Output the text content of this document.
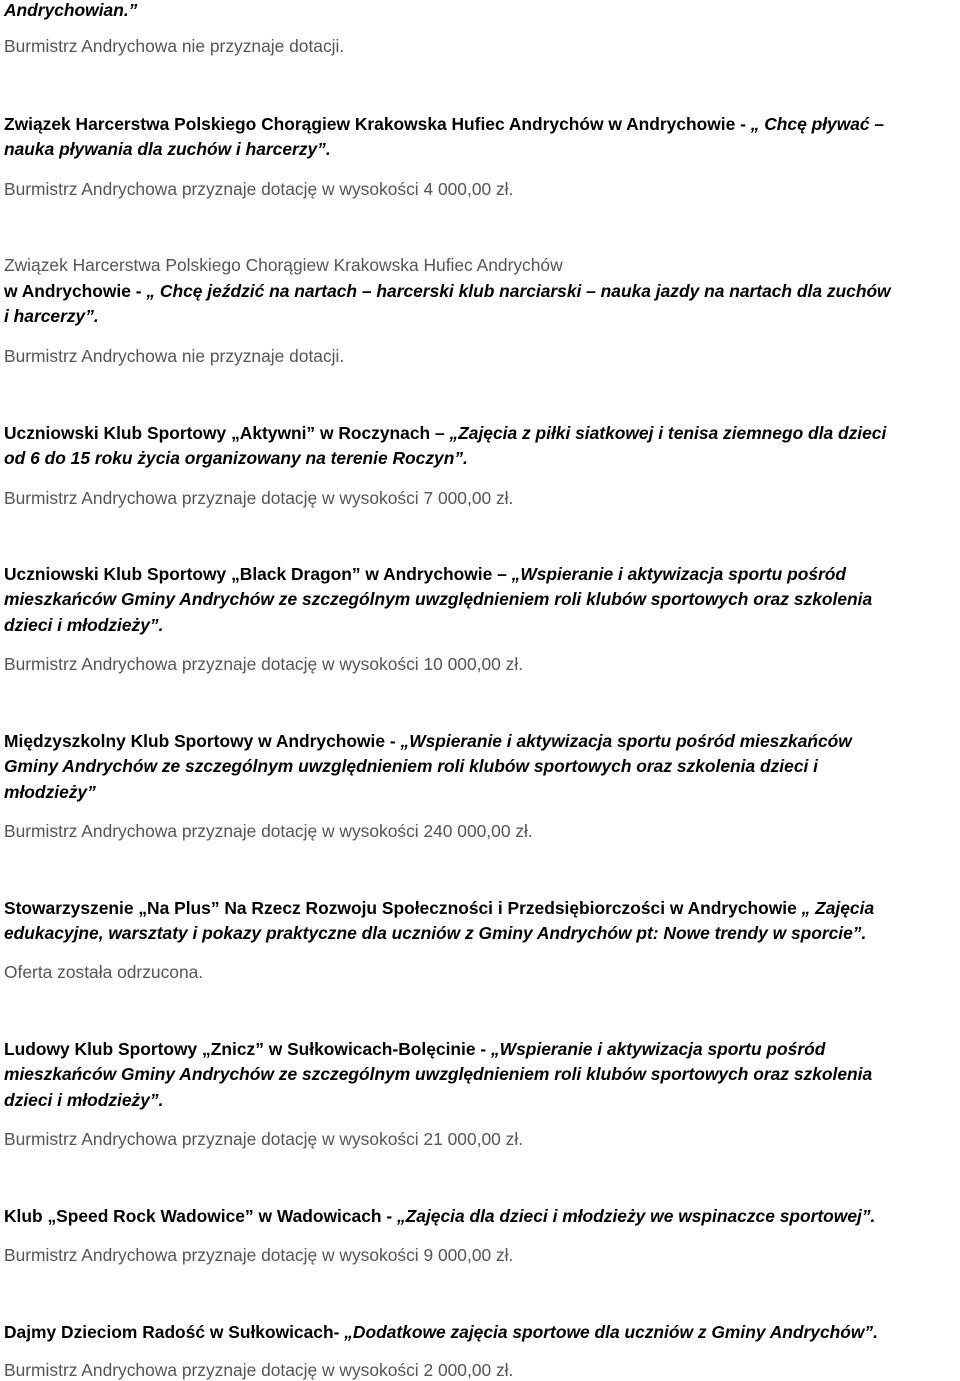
Andrychowian.”
Burmistrz Andrychowa nie przyznaje dotacji.
Związek Harcerstwa Polskiego Chorągiew Krakowska Hufiec Andrychów w Andrychowie - „ Chcę pływać –
nauka pływania dla zuchów i harcerzy”.
Burmistrz Andrychowa przyznaje dotację w wysokości 4 000,00 zł.
Związek Harcerstwa Polskiego Chorągiew Krakowska Hufiec Andrychów
w Andrychowie - „ Chcę jeździć na nartach – harcerski klub narciarski – nauka jazdy na nartach dla zuchów
i harcerzy”.
Burmistrz Andrychowa nie przyznaje dotacji.
Uczniowski Klub Sportowy „Aktywni” w Roczynach – „Zajęcia z piłki siatkowej i tenisa ziemnego dla dzieci
od 6 do 15 roku życia organizowany na terenie Roczyn”.
Burmistrz Andrychowa przyznaje dotację w wysokości 7 000,00 zł.
Uczniowski Klub Sportowy „Black Dragon” w Andrychowie – „Wspieranie i aktywizacja sportu pośród
mieszkańców Gminy Andrychów ze szczególnym uwzględnieniem roli klubów sportowych oraz szkolenia
dzieci i młodzieży”.
Burmistrz Andrychowa przyznaje dotację w wysokości 10 000,00 zł.
Międzyszkolny Klub Sportowy w Andrychowie - „Wspieranie i aktywizacja sportu pośród mieszkańców
Gminy Andrychów ze szczególnym uwzględnieniem roli klubów sportowych oraz szkolenia dzieci i
młodzieży”
Burmistrz Andrychowa przyznaje dotację w wysokości 240 000,00 zł.
Stowarzyszenie „Na Plus” Na Rzecz Rozwoju Społeczności i Przedsiębiorczości w Andrychowie „ Zajęcia
edukacyjne, warsztaty i pokazy praktyczne dla uczniów z Gminy Andrychów pt: Nowe trendy w sporcie”.
Oferta została odrzucona.
Ludowy Klub Sportowy „Znicz” w Sułkowicach-Bolęcinie - „Wspieranie i aktywizacja sportu pośród
mieszkańców Gminy Andrychów ze szczególnym uwzględnieniem roli klubów sportowych oraz szkolenia
dzieci i młodzieży”.
Burmistrz Andrychowa przyznaje dotację w wysokości 21 000,00 zł.
Klub „Speed Rock Wadowice” w Wadowicach - „Zajęcia dla dzieci i młodzieży we wspinaczce sportowej”.
Burmistrz Andrychowa przyznaje dotację w wysokości 9 000,00 zł.
Dajmy Dzieciom Radość w Sułkowicach- „Dodatkowe zajęcia sportowe dla uczniów z Gminy Andrychów”.
Burmistrz Andrychowa przyznaje dotację w wysokości 2 000,00 zł.
